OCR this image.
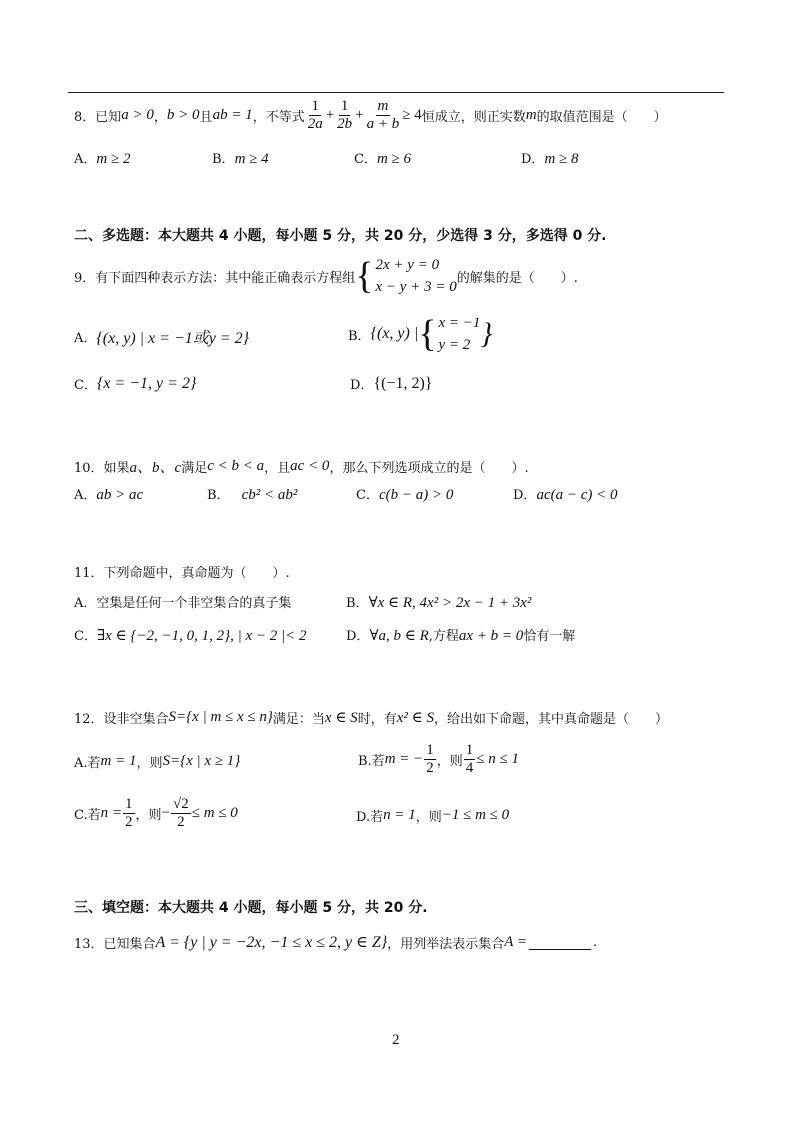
8．已知 a > 0 ， b > 0 且 ab = 1 ，不等式 $\frac{1}{2a} + \frac{1}{2b} + \frac{m}{a + b} \ge 4$ 恒成立，则正实数 m 的取值范围是（　　）
A．m ≥ 2	B．m ≥ 4	C．m ≥ 6	D．m ≥ 8
二、多选题：本大题共 4 小题，每小题 5 分，共 20 分，少选得 3 分，多选得 0 分.
9．有下面四种表示方法：其中能正确表示方程组 { 2x + y = 0
x − y + 3 = 0
的解集的是（　　）.
A． {(x, y) | x = −1或y = 2}	B． {(x, y) | { x = −1
y = 2 }
C． {x = −1, y = 2}	D． {(−1, 2)}
10．如果 a、b、c 满足 c < b < a ，且 ac < 0 ，那么下列选项成立的是（　　）.
A．ab > ac	B． cb² < ab²	C．c(b − a) > 0	D．ac(a − c) < 0
11．下列命题中，真命题为（　　）.
A．空集是任何一个非空集合的真子集	B．∀x ∈ R, 4x² > 2x − 1 + 3x²
C．∃x ∈ {−2, −1, 0, 1, 2}, | x − 2 |< 2	D．∀a, b ∈ R,方程ax + b = 0恰有一解
12．设非空集合 S={x | m ≤ x ≤ n} 满足：当 x ∈ S 时，有 x² ∈ S ，给出如下命题，其中真命题是（　　）
A.若 m = 1 ，则 S={x | x ≥ 1}	B.若 m = − $\frac{1}{2}$ ，则 $\frac{1}{4} \le n \le 1$
C.若 $n = \frac{1}{2}$ ，则 − $\frac{√2}{2} \le m \le 0$	D.若 n = 1 ，则 −1 ≤ m ≤ 0
三、填空题：本大题共 4 小题，每小题 5 分，共 20 分.
13．已知集合 A = {y | y = −2x, −1 ≤ x ≤ 2, y ∈ Z} ，用列举法表示集合 A =	.
2
